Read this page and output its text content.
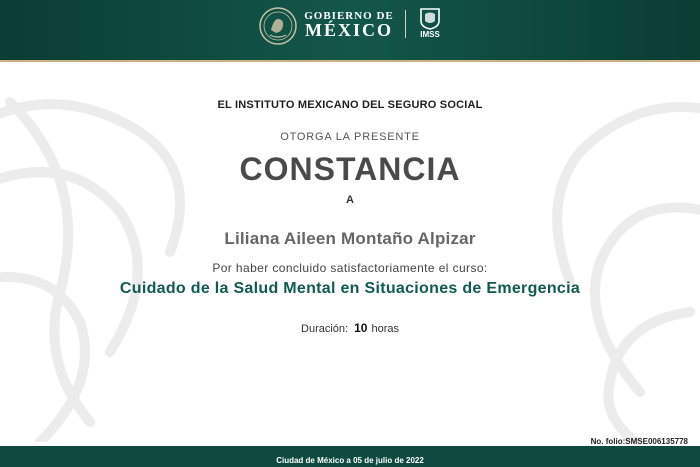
GOBIERNO DE
MÉXICO	IMSS
EL INSTITUTO MEXICANO DEL SEGURO SOCIAL
OTORGA LA PRESENTE
CONSTANCIA
A
Liliana Aileen Montaño Alpizar
Por haber concluido satisfactoriamente el curso:
Cuidado de la Salud Mental en Situaciones de Emergencia
Duración: 10 horas
No. folio:SMSE006135778
Ciudad de México a 05 de julio de 2022
